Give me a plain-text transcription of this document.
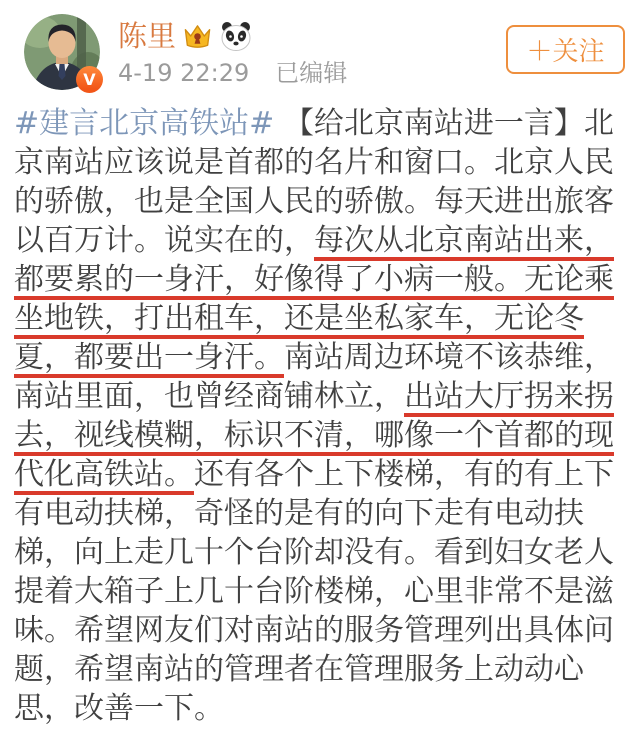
V
陈里
4-19 22:29 已编辑
＋关注

#建言北京高铁站# 【给北京南站进一言】北京南站应该说是首都的名片和窗口。北京人民的骄傲，也是全国人民的骄傲。每天进出旅客以百万计。说实在的，每次从北京南站出来，都要累的一身汗，好像得了小病一般。无论乘坐地铁，打出租车，还是坐私家车，无论冬夏，都要出一身汗。南站周边环境不该恭维，南站里面，也曾经商铺林立，出站大厅拐来拐去，视线模糊，标识不清，哪像一个首都的现代化高铁站。还有各个上下楼梯，有的有上下有电动扶梯，奇怪的是有的向下走有电动扶梯，向上走几十个台阶却没有。看到妇女老人提着大箱子上几十台阶楼梯，心里非常不是滋味。希望网友们对南站的服务管理列出具体问题，希望南站的管理者在管理服务上动动心思，改善一下。
